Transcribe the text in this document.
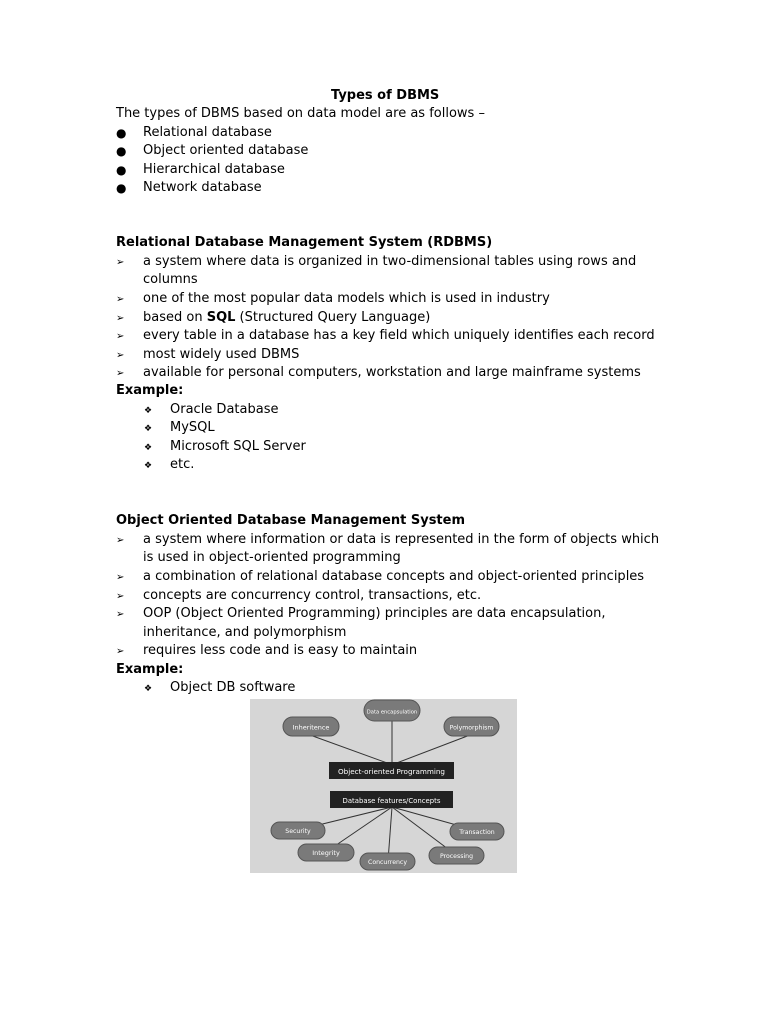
Types of DBMS
The types of DBMS based on data model are as follows –
● Relational database
● Object oriented database
● Hierarchical database
● Network database
Relational Database Management System (RDBMS)
➢ a system where data is organized in two-dimensional tables using rows and
columns
➢ one of the most popular data models which is used in industry
➢ based on SQL (Structured Query Language)
➢ every table in a database has a key field which uniquely identifies each record
➢ most widely used DBMS
➢ available for personal computers, workstation and large mainframe systems
Example:
❖ Oracle Database
❖ MySQL
❖ Microsoft SQL Server
❖ etc.
Object Oriented Database Management System
➢ a system where information or data is represented in the form of objects which
is used in object-oriented programming
➢ a combination of relational database concepts and object-oriented principles
➢ concepts are concurrency control, transactions, etc.
➢ OOP (Object Oriented Programming) principles are data encapsulation,
inheritance, and polymorphism
➢ requires less code and is easy to maintain
Example:
❖ Object DB software
Inheritence
Data encapsulation
Polymorphism
Object-oriented Programming
Database features/Concepts
Security
Integrity
Concurrency
Processing
Transaction
